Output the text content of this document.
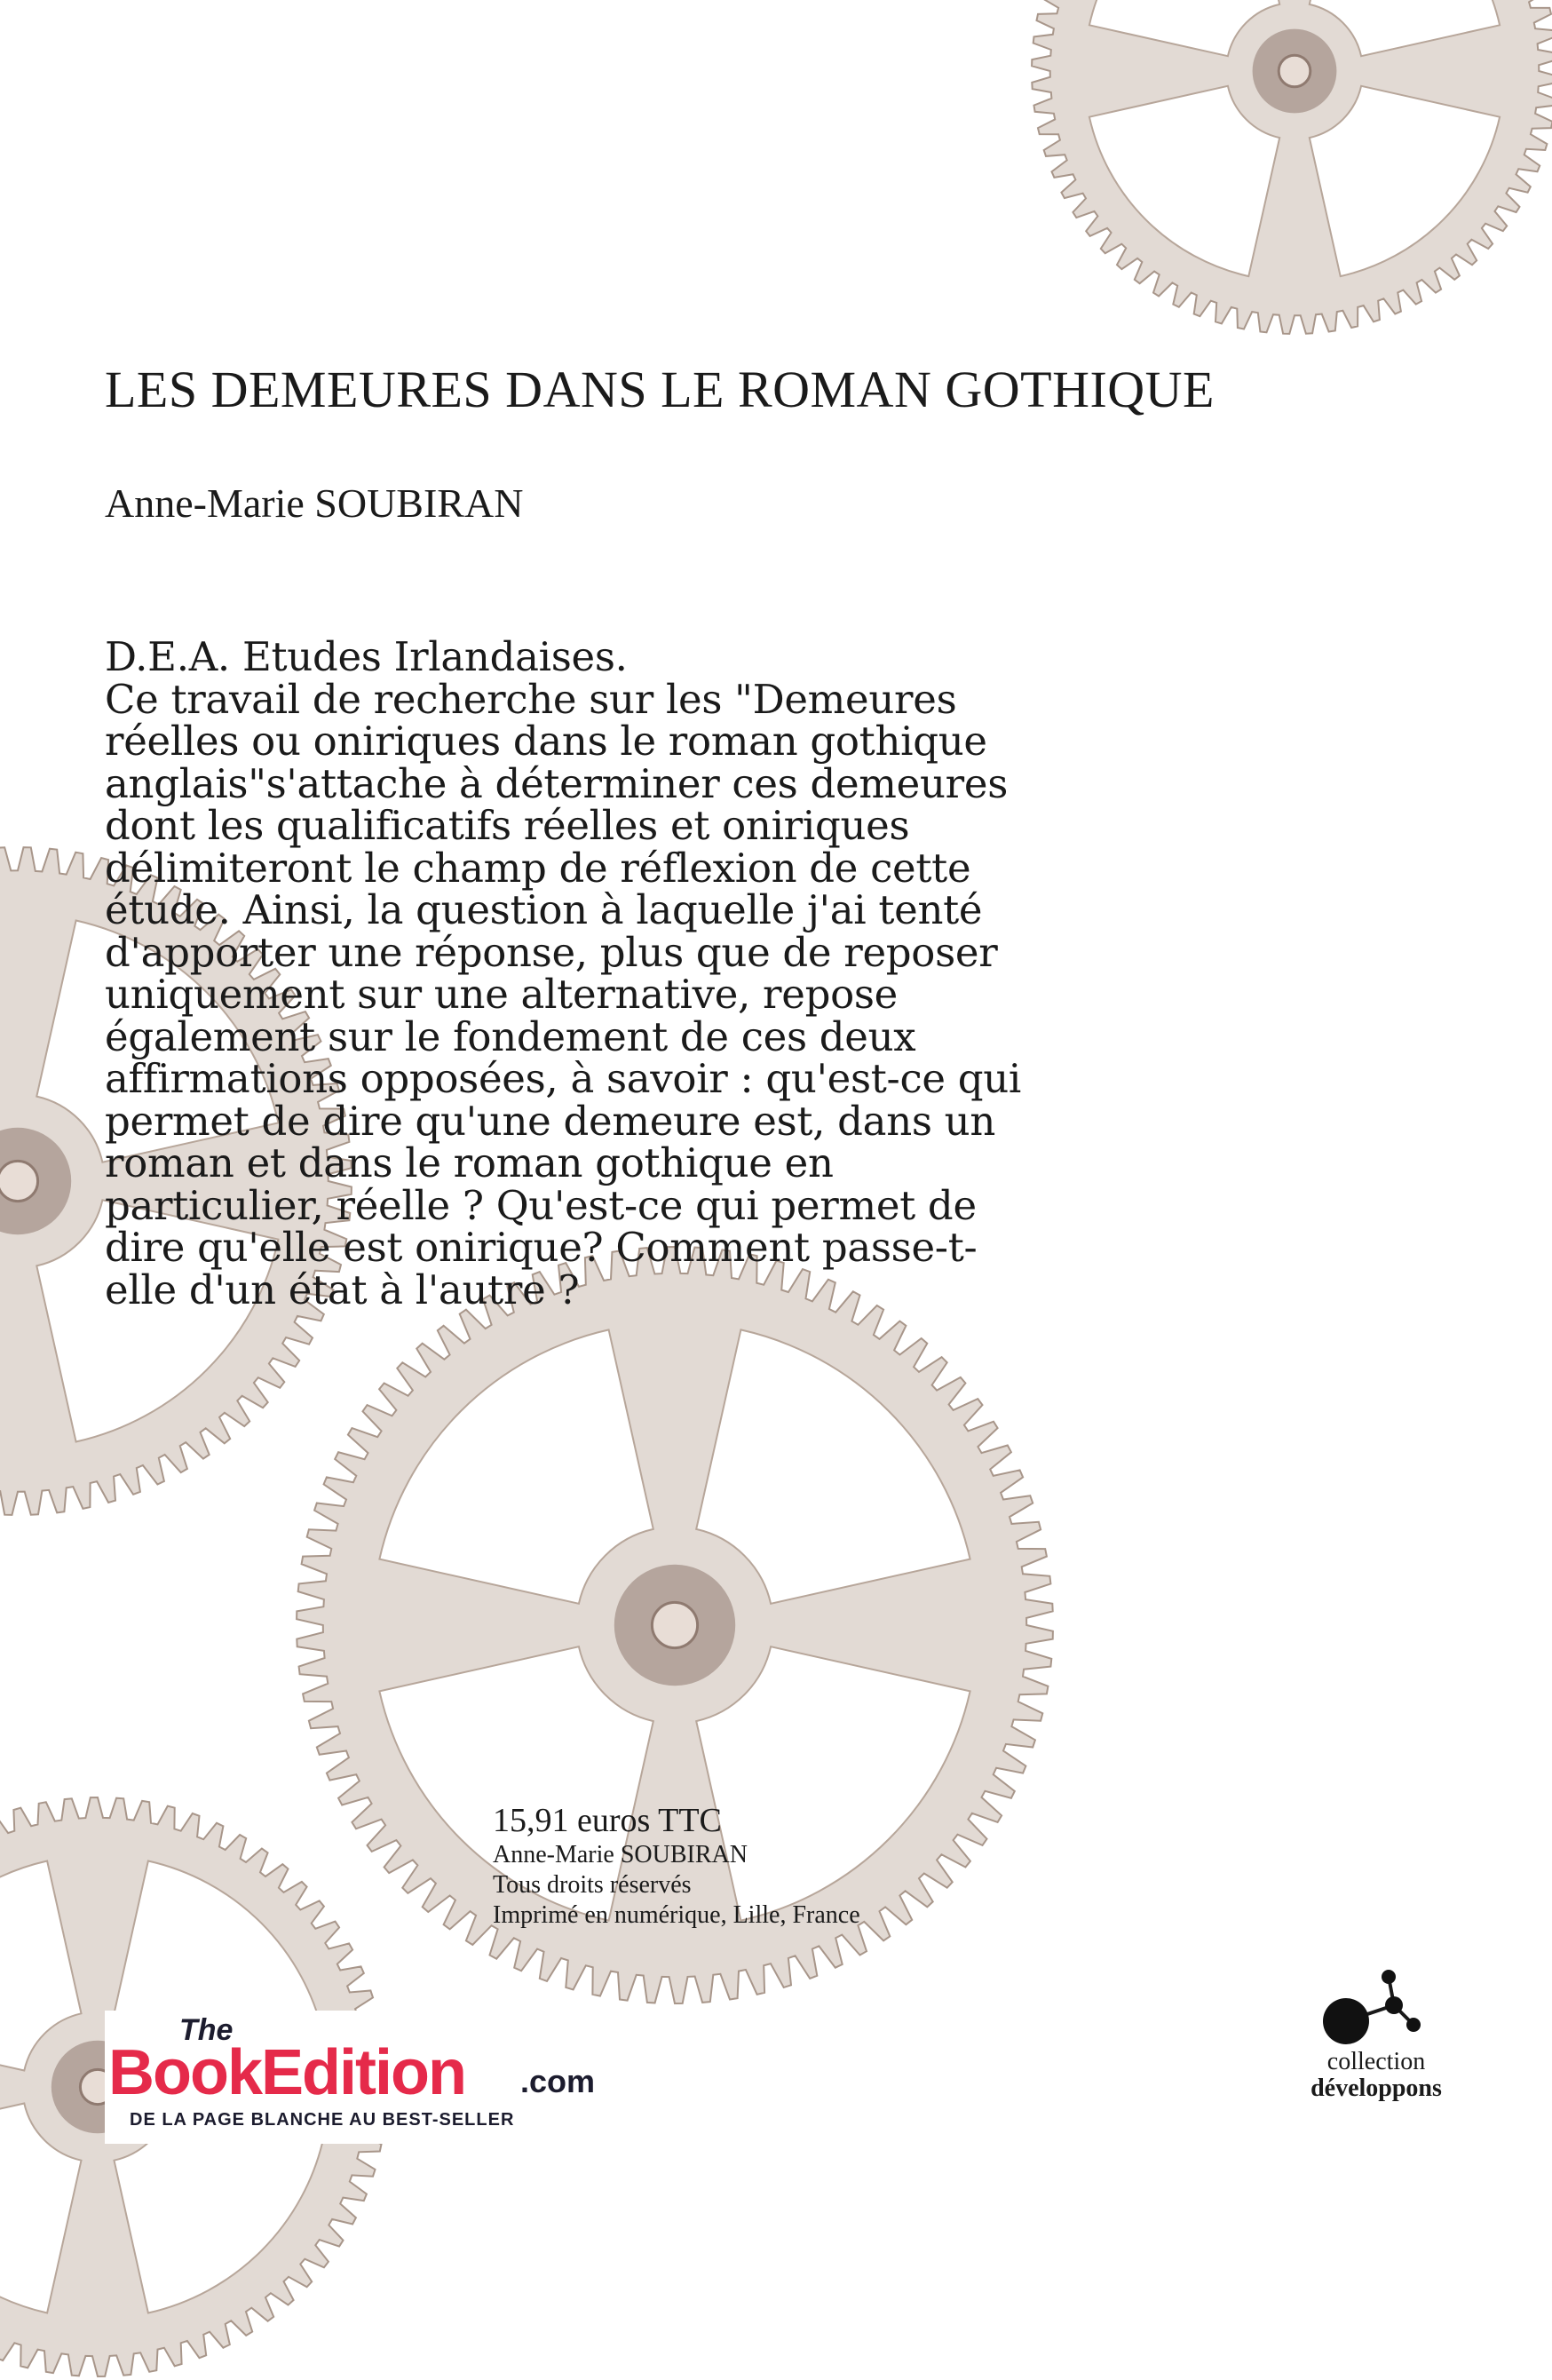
LES DEMEURES DANS LE ROMAN GOTHIQUE
Anne-Marie SOUBIRAN

D.E.A. Etudes Irlandaises.

Ce travail de recherche sur les "Demeures

réelles ou oniriques dans le roman gothique

anglais"s'attache à déterminer ces demeures

dont les qualificatifs réelles et oniriques

délimiteront le champ de réflexion de cette

étude. Ainsi, la question à laquelle j'ai tenté

d'apporter une réponse, plus que de reposer

uniquement sur une alternative, repose

également sur le fondement de ces deux

affirmations opposées, à savoir : qu'est-ce qui

permet de dire qu'une demeure est, dans un

roman et dans le roman gothique en

particulier, réelle ? Qu'est-ce qui permet de

dire qu'elle est onirique? Comment passe-t-

elle d'un état à l'autre ?

15,91 euros TTC
Anne-Marie SOUBIRAN
Tous droits réservés
Imprimé en numérique, Lille, France
The
BookEdition .com
DE LA PAGE BLANCHE AU BEST-SELLER
collection
développons
